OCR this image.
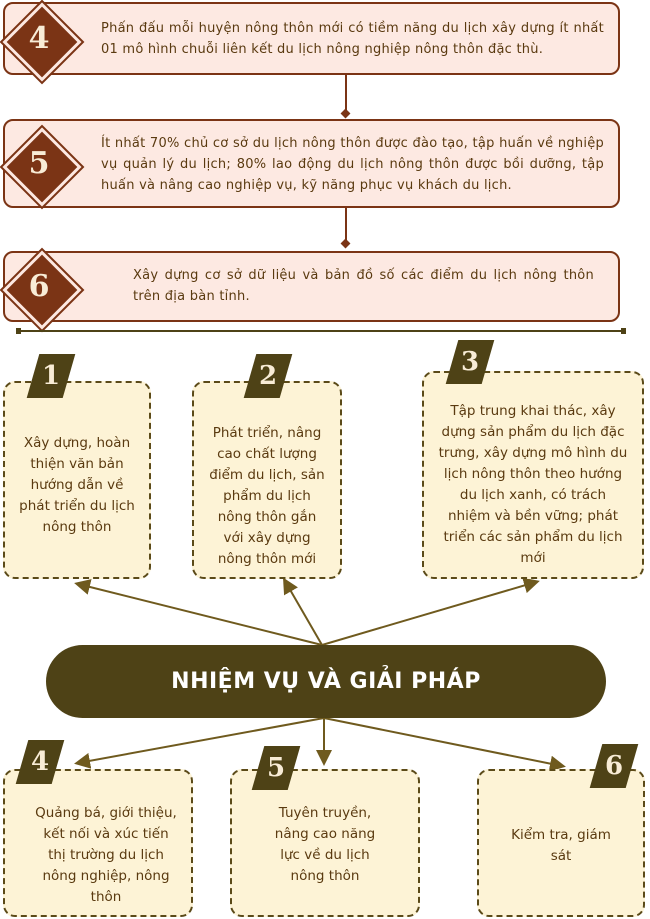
Phấn đấu mỗi huyện nông thôn mới có tiềm năng du lịch xây dựng ít nhất 01 mô hình chuỗi liên kết du lịch nông nghiệp nông thôn đặc thù.
4
Ít nhất 70% chủ cơ sở du lịch nông thôn được đào tạo, tập huấn về nghiệp vụ quản lý du lịch; 80% lao động du lịch nông thôn được bồi dưỡng, tập huấn và nâng cao nghiệp vụ, kỹ năng phục vụ khách du lịch.
5
Xây dựng cơ sở dữ liệu và bản đồ số các điểm du lịch nông thôn trên địa bàn tỉnh.
6
Xây dựng, hoàn thiện văn bản hướng dẫn về phát triển du lịch nông thôn
1
Phát triển, nâng cao chất lượng điểm du lịch, sản phẩm du lịch nông thôn gắn với xây dựng nông thôn mới
2
Tập trung khai thác, xây dựng sản phẩm du lịch đặc trưng, xây dựng mô hình du lịch nông thôn theo hướng du lịch xanh, có trách nhiệm và bền vững; phát triển các sản phẩm du lịch mới
3
NHIỆM VỤ VÀ GIẢI PHÁP
Quảng bá, giới thiệu, kết nối và xúc tiến thị trường du lịch nông nghiệp, nông thôn
4
Tuyên truyền, nâng cao năng lực về du lịch nông thôn
5
Kiểm tra, giám sát
6
